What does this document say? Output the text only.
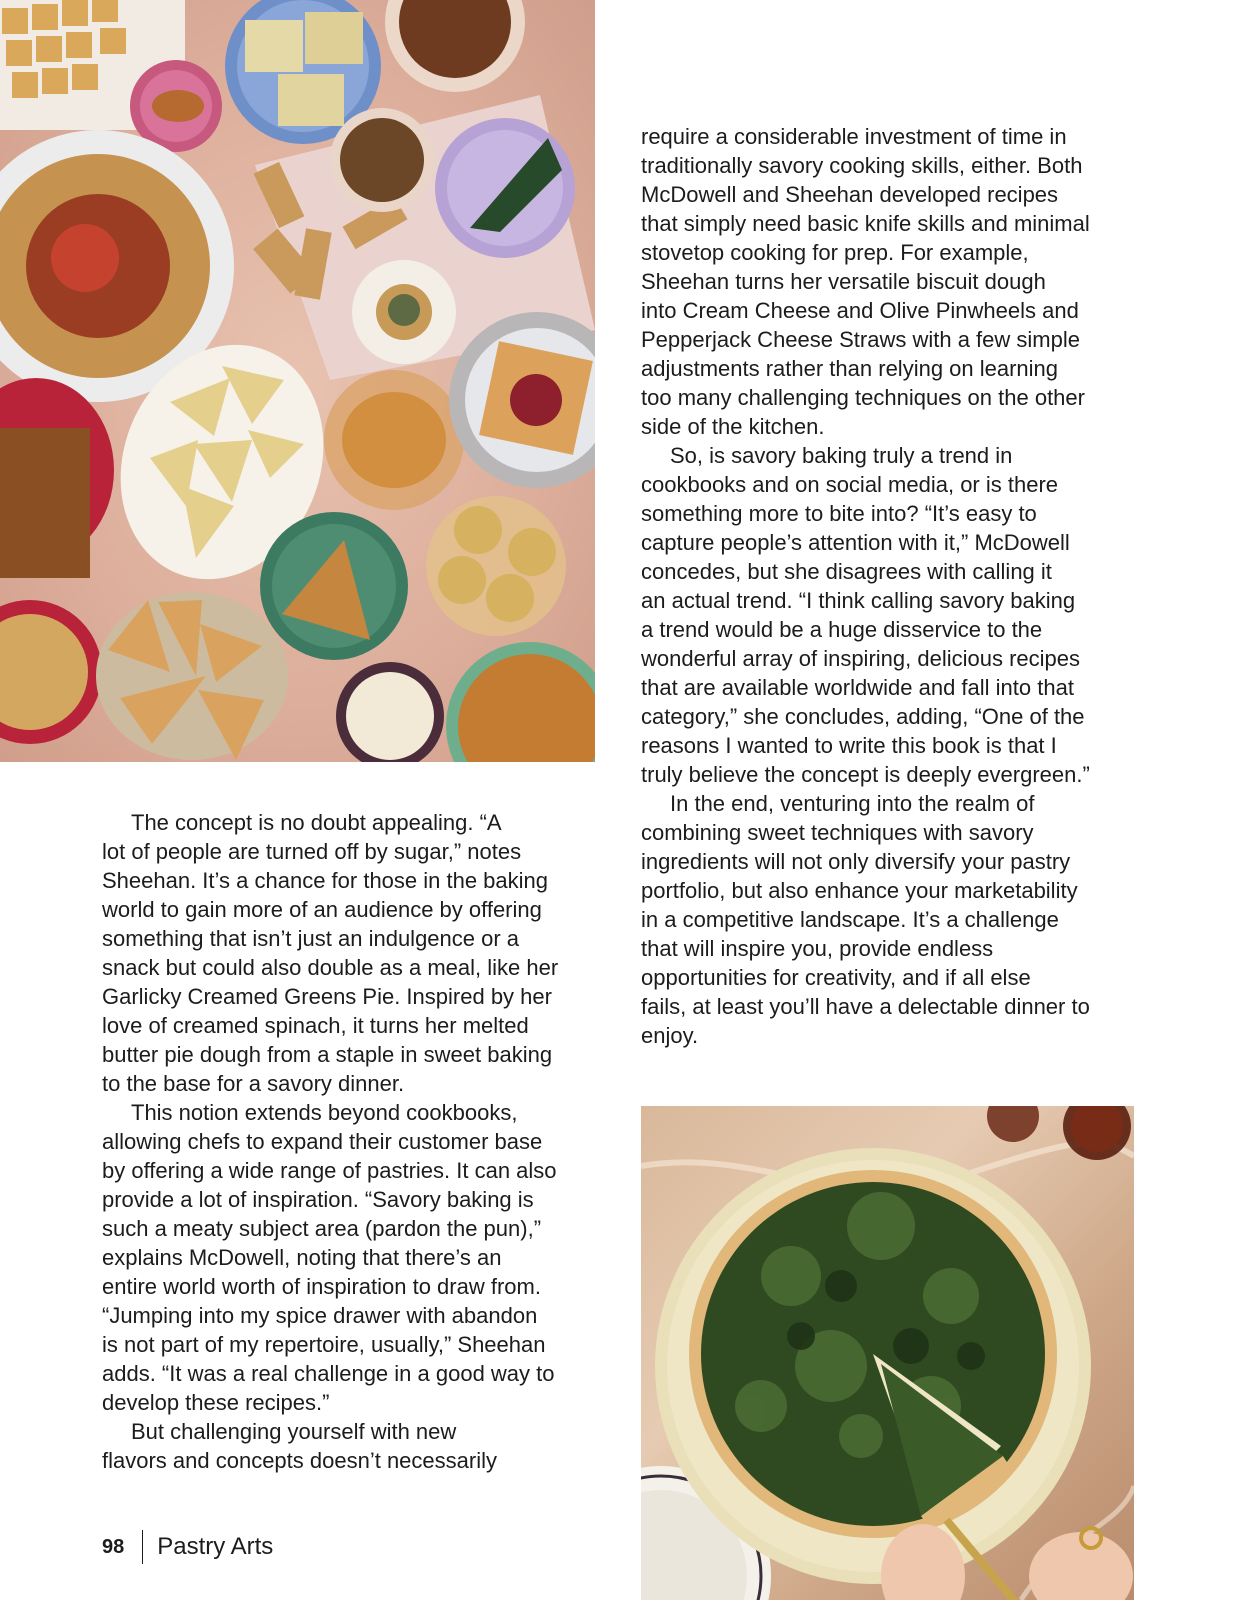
The concept is no doubt appealing. “A
lot of people are turned off by sugar,” notes
Sheehan. It’s a chance for those in the baking
world to gain more of an audience by offering
something that isn’t just an indulgence or a
snack but could also double as a meal, like her
Garlicky Creamed Greens Pie. Inspired by her
love of creamed spinach, it turns her melted
butter pie dough from a staple in sweet baking
to the base for a savory dinner.

This notion extends beyond cookbooks,
allowing chefs to expand their customer base
by offering a wide range of pastries. It can also
provide a lot of inspiration. “Savory baking is
such a meaty subject area (pardon the pun),”
explains McDowell, noting that there’s an
entire world worth of inspiration to draw from.
“Jumping into my spice drawer with abandon
is not part of my repertoire, usually,” Sheehan
adds. “It was a real challenge in a good way to
develop these recipes.”

But challenging yourself with new
flavors and concepts doesn’t necessarily

require a considerable investment of time in
traditionally savory cooking skills, either. Both
McDowell and Sheehan developed recipes
that simply need basic knife skills and minimal
stovetop cooking for prep. For example,
Sheehan turns her versatile biscuit dough
into Cream Cheese and Olive Pinwheels and
Pepperjack Cheese Straws with a few simple
adjustments rather than relying on learning
too many challenging techniques on the other
side of the kitchen.

So, is savory baking truly a trend in
cookbooks and on social media, or is there
something more to bite into? “It’s easy to
capture people’s attention with it,” McDowell
concedes, but she disagrees with calling it
an actual trend. “I think calling savory baking
a trend would be a huge disservice to the
wonderful array of inspiring, delicious recipes
that are available worldwide and fall into that
category,” she concludes, adding, “One of the
reasons I wanted to write this book is that I
truly believe the concept is deeply evergreen.”

In the end, venturing into the realm of
combining sweet techniques with savory
ingredients will not only diversify your pastry
portfolio, but also enhance your marketability
in a competitive landscape. It’s a challenge
that will inspire you, provide endless
opportunities for creativity, and if all else
fails, at least you’ll have a delectable dinner to
enjoy.

98 Pastry Arts
